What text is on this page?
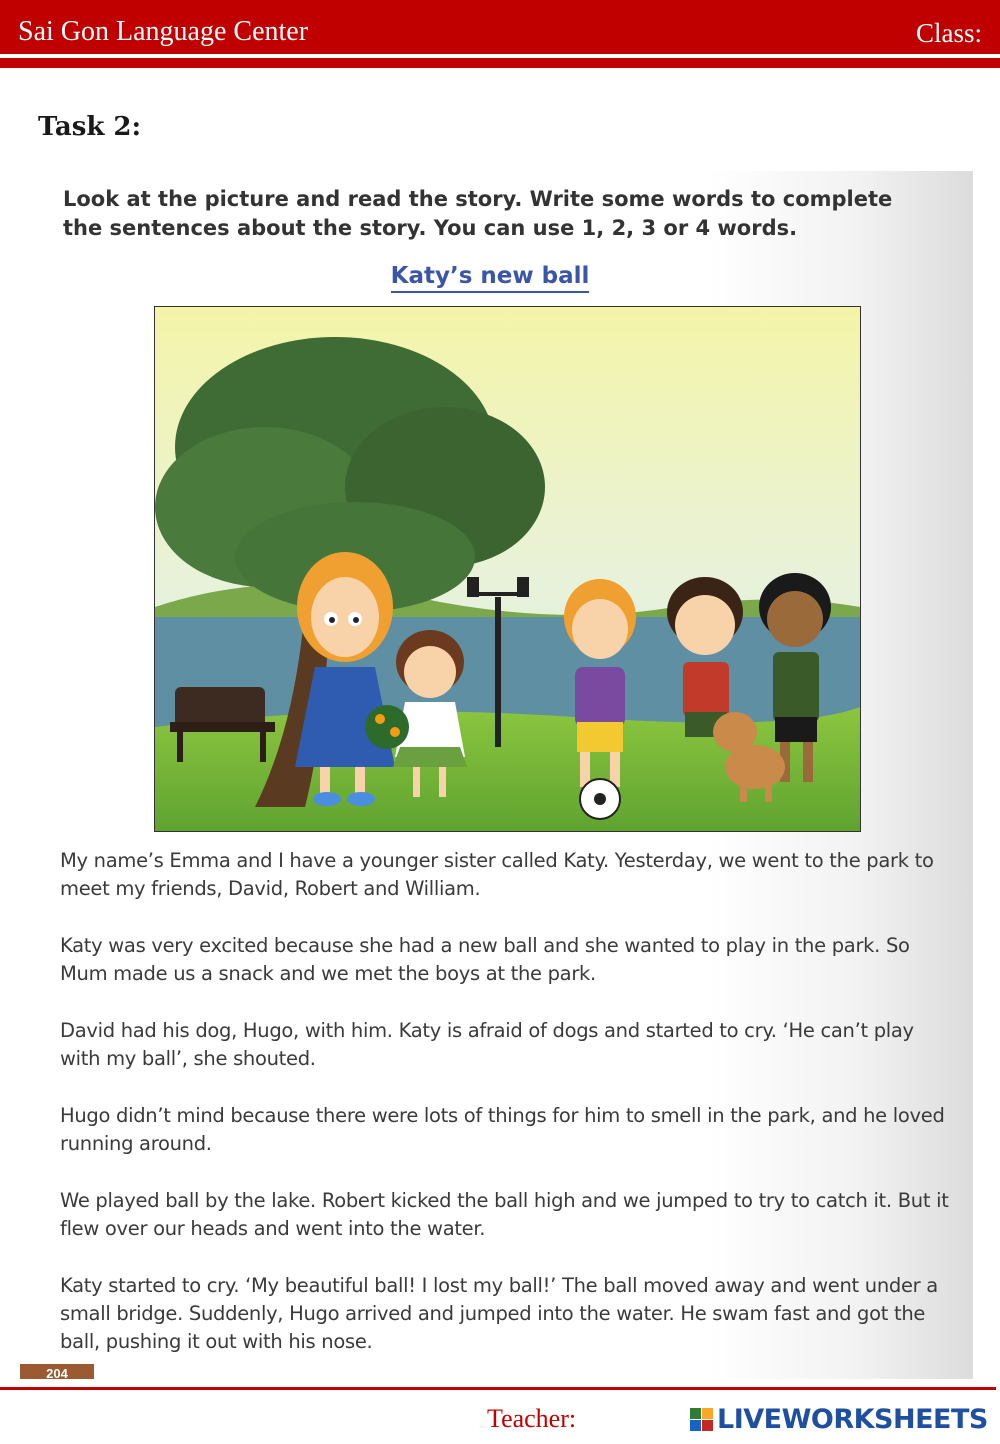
Sai Gon Language Center	Class:
Task 2:
Look at the picture and read the story. Write some words to complete the sentences about the story. You can use 1, 2, 3 or 4 words.
Katy’s new ball

My name’s Emma and I have a younger sister called Katy. Yesterday, we went to the park to meet my friends, David, Robert and William.

Katy was very excited because she had a new ball and she wanted to play in the park. So Mum made us a snack and we met the boys at the park.

David had his dog, Hugo, with him. Katy is afraid of dogs and started to cry. ‘He can’t play with my ball’, she shouted.

Hugo didn’t mind because there were lots of things for him to smell in the park, and he loved running around.

We played ball by the lake. Robert kicked the ball high and we jumped to try to catch it. But it flew over our heads and went into the water.

Katy started to cry. ‘My beautiful ball! I lost my ball!’ The ball moved away and went under a small bridge. Suddenly, Hugo arrived and jumped into the water. He swam fast and got the ball, pushing it out with his nose.

204
Teacher:	LIVEWORKSHEETS
